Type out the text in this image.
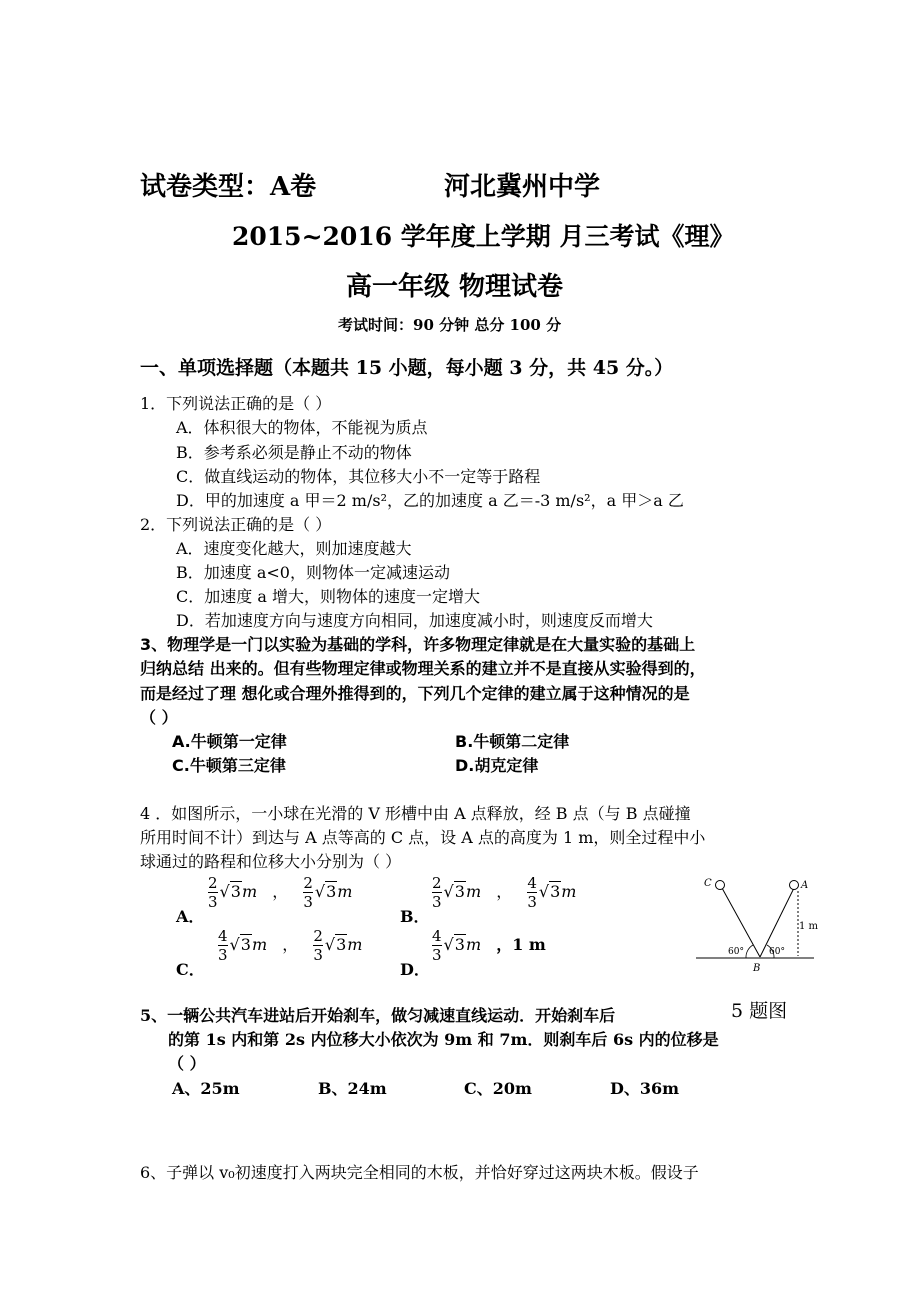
试卷类型：A卷	河北冀州中学
2015~2016 学年度上学期 月三考试《理》
高一年级 物理试卷
考试时间：90 分钟 总分 100 分
一、单项选择题（本题共 15 小题，每小题 3 分，共 45 分。）
1．下列说法正确的是（ ）
A．体积很大的物体，不能视为质点
B．参考系必须是静止不动的物体
C．做直线运动的物体，其位移大小不一定等于路程
D．甲的加速度 a 甲＝2 m/s²，乙的加速度 a 乙＝-3 m/s²，a 甲＞a 乙
2．下列说法正确的是（ ）
A．速度变化越大，则加速度越大
B．加速度 a<0，则物体一定减速运动
C．加速度 a 增大，则物体的速度一定增大
D．若加速度方向与速度方向相同，加速度减小时，则速度反而增大
3、物理学是一门以实验为基础的学科，许多物理定律就是在大量实验的基础上
归纳总结 出来的。但有些物理定律或物理关系的建立并不是直接从实验得到的，
而是经过了理 想化或合理外推得到的，下列几个定律的建立属于这种情况的是
（ ）
A.牛顿第一定律	B.牛顿第二定律
C.牛顿第三定律	D.胡克定律
4 ．如图所示，一小球在光滑的 V 形槽中由 A 点释放，经 B 点（与 B 点碰撞
所用时间不计）到达与 A 点等高的 C 点，设 A 点的高度为 1 m，则全过程中小
球通过的路程和位移大小分别为（ ）
A．
$\frac{2}{3} √3m$ ， $\frac{2}{3} √3m$
B．
$\frac{2}{3} √3m$ ， $\frac{4}{3} √3m$
C．
$\frac{4}{3} √3m$ ， $\frac{2}{3} √3m$
D．
$\frac{4}{3} √3m$ ，1 m
C	A
B
1 m
60°	60°
5 题图
5、一辆公共汽车进站后开始刹车，做匀减速直线运动．开始刹车后
的第 1s 内和第 2s 内位移大小依次为 9m 和 7m．则刹车后 6s 内的位移是
（ ）
A、25m	B、24m	C、20m	D、36m
6、子弹以 v₀初速度打入两块完全相同的木板，并恰好穿过这两块木板。假设子
